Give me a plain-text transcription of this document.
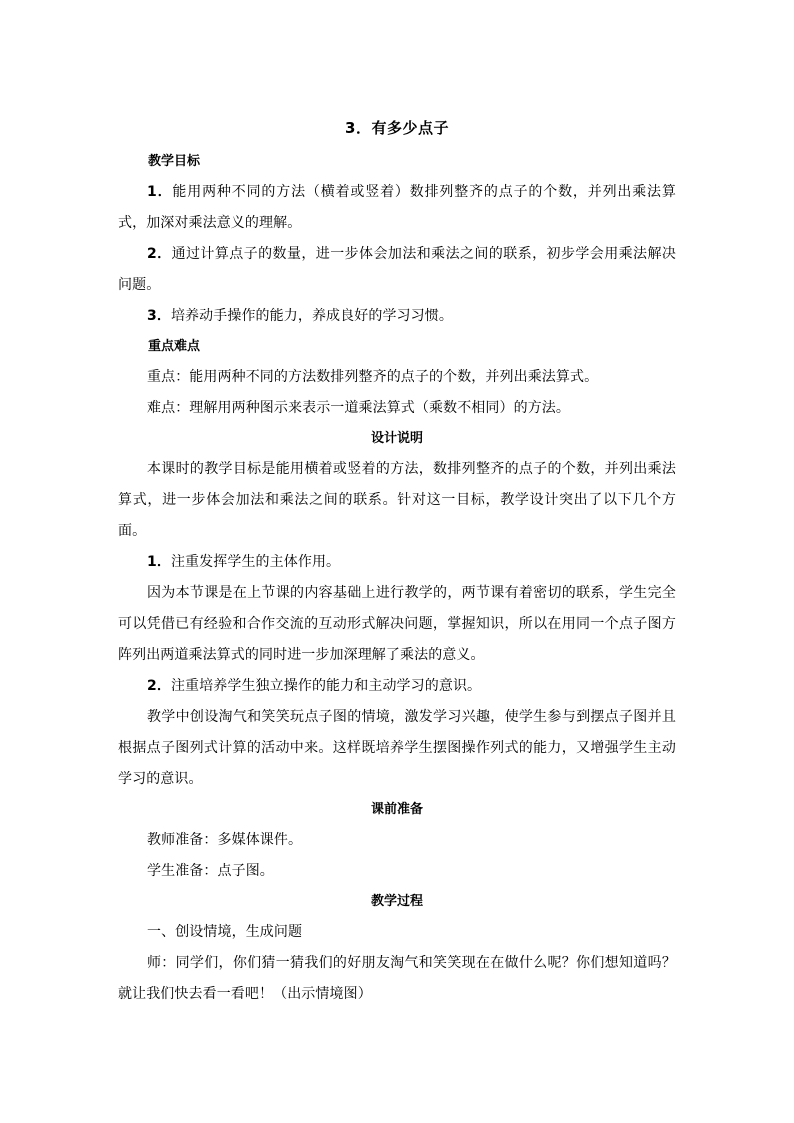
3．有多少点子

教学目标

1．能用两种不同的方法（横着或竖着）数排列整齐的点子的个数，并列出乘法算式，加深对乘法意义的理解。

2．通过计算点子的数量，进一步体会加法和乘法之间的联系，初步学会用乘法解决问题。

3．培养动手操作的能力，养成良好的学习习惯。

重点难点

重点：能用两种不同的方法数排列整齐的点子的个数，并列出乘法算式。

难点：理解用两种图示来表示一道乘法算式（乘数不相同）的方法。

设计说明

本课时的教学目标是能用横着或竖着的方法，数排列整齐的点子的个数，并列出乘法算式，进一步体会加法和乘法之间的联系。针对这一目标，教学设计突出了以下几个方面。

1．注重发挥学生的主体作用。

因为本节课是在上节课的内容基础上进行教学的，两节课有着密切的联系，学生完全可以凭借已有经验和合作交流的互动形式解决问题，掌握知识，所以在用同一个点子图方阵列出两道乘法算式的同时进一步加深理解了乘法的意义。

2．注重培养学生独立操作的能力和主动学习的意识。

教学中创设淘气和笑笑玩点子图的情境，激发学习兴趣，使学生参与到摆点子图并且根据点子图列式计算的活动中来。这样既培养学生摆图操作列式的能力，又增强学生主动学习的意识。

课前准备

教师准备：多媒体课件。

学生准备：点子图。

教学过程

一、创设情境，生成问题

师：同学们，你们猜一猜我们的好朋友淘气和笑笑现在在做什么呢？你们想知道吗？就让我们快去看一看吧！（出示情境图）
